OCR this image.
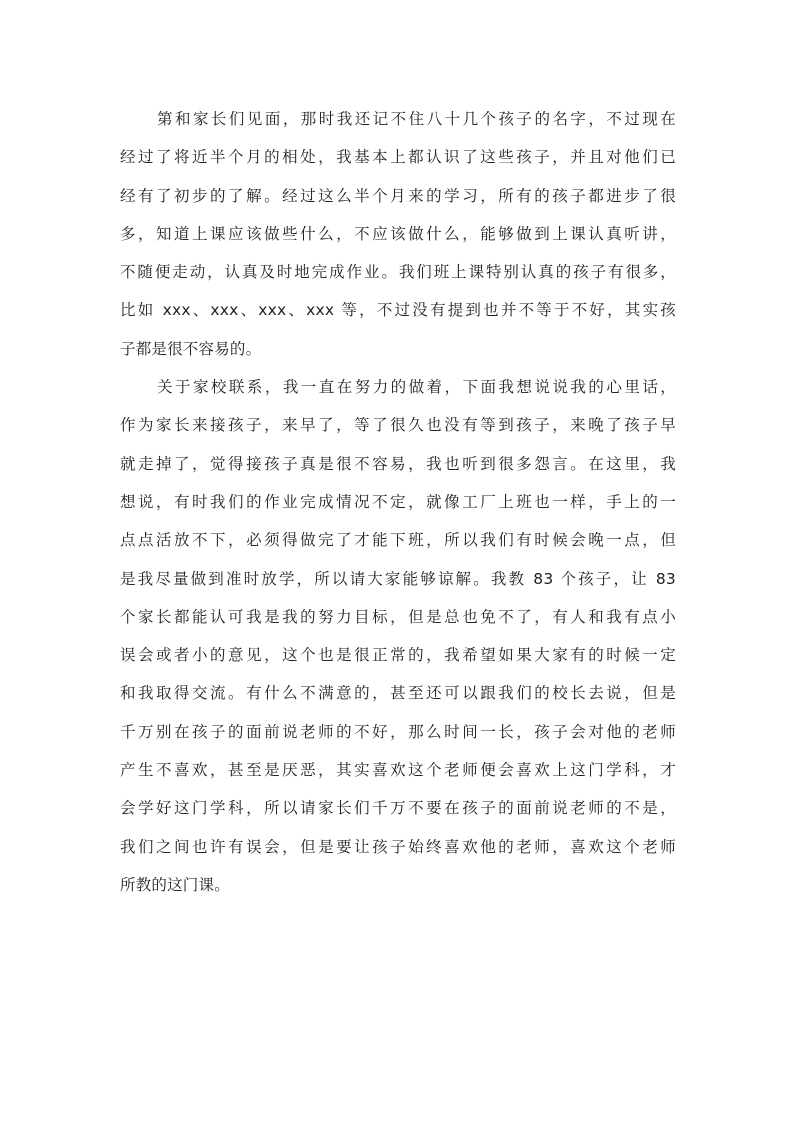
第和家长们见面，那时我还记不住八十几个孩子的名字，不过现在
经过了将近半个月的相处，我基本上都认识了这些孩子，并且对他们已
经有了初步的了解。经过这么半个月来的学习，所有的孩子都进步了很
多，知道上课应该做些什么，不应该做什么，能够做到上课认真听讲，
不随便走动，认真及时地完成作业。我们班上课特别认真的孩子有很多，
比如 xxx、xxx、xxx、xxx 等，不过没有提到也并不等于不好，其实孩
子都是很不容易的。
关于家校联系，我一直在努力的做着，下面我想说说我的心里话，
作为家长来接孩子，来早了，等了很久也没有等到孩子，来晚了孩子早
就走掉了，觉得接孩子真是很不容易，我也听到很多怨言。在这里，我
想说，有时我们的作业完成情况不定，就像工厂上班也一样，手上的一
点点活放不下，必须得做完了才能下班，所以我们有时候会晚一点，但
是我尽量做到准时放学，所以请大家能够谅解。我教 83 个孩子，让 83
个家长都能认可我是我的努力目标，但是总也免不了，有人和我有点小
误会或者小的意见，这个也是很正常的，我希望如果大家有的时候一定
和我取得交流。有什么不满意的，甚至还可以跟我们的校长去说，但是
千万别在孩子的面前说老师的不好，那么时间一长，孩子会对他的老师
产生不喜欢，甚至是厌恶，其实喜欢这个老师便会喜欢上这门学科，才
会学好这门学科，所以请家长们千万不要在孩子的面前说老师的不是，
我们之间也许有误会，但是要让孩子始终喜欢他的老师，喜欢这个老师
所教的这门课。
